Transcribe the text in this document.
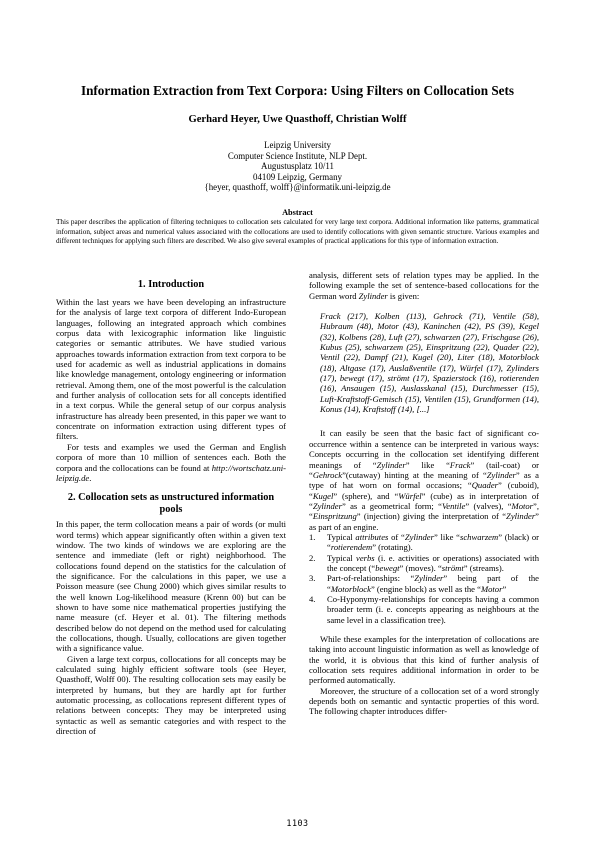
Information Extraction from Text Corpora: Using Filters on Collocation Sets
Gerhard Heyer, Uwe Quasthoff, Christian Wolff
Leipzig University
Computer Science Institute, NLP Dept.
Augustusplatz 10/11
04109 Leipzig, Germany
{heyer, quasthoff, wolff}@informatik.uni-leipzig.de
Abstract

This paper describes the application of filtering techniques to collocation sets calculated for very large text corpora. Additional information like patterns, grammatical information, subject areas and numerical values associated with the collocations are used to identify collocations with given semantic structure. Various examples and different techniques for applying such filters are described. We also give several examples of practical applications for this type of information extraction.

1. Introduction

Within the last years we have been developing an infrastructure for the analysis of large text corpora of different Indo-European languages, following an integrated approach which combines corpus data with lexicographic information like linguistic categories or semantic attributes. We have studied various approaches towards information extraction from text corpora to be used for academic as well as industrial applications in domains like knowledge management, ontology engineering or information retrieval. Among them, one of the most powerful is the calculation and further analysis of collocation sets for all concepts identified in a text corpus. While the general setup of our corpus analysis infrastructure has already been presented, in this paper we want to concentrate on information extraction using different types of filters.

For tests and examples we used the German and English corpora of more than 10 million of sentences each. Both the corpora and the collocations can be found at http://wortschatz.uni-leipzig.de.

2. Collocation sets as unstructured information pools

In this paper, the term collocation means a pair of words (or multi word terms) which appear significantly often within a given text window. The two kinds of windows we are exploring are the sentence and immediate (left or right) neighborhood. The collocations found depend on the statistics for the calculation of the significance. For the calculations in this paper, we use a Poisson measure (see Chung 2000) which gives similar results to the well known Log-likelihood measure (Krenn 00) but can be shown to have some nice mathematical properties justifying the name measure (cf. Heyer et al. 01). The filtering methods described below do not depend on the method used for calculating the collocations, though. Usually, collocations are given together with a significance value.

Given a large text corpus, collocations for all concepts may be calculated suing highly efficient software tools (see Heyer, Quasthoff, Wolff 00). The resulting collocation sets may easily be interpreted by humans, but they are hardly apt for further automatic processing, as collocations represent different types of relations between concepts: They may be interpreted using syntactic as well as semantic categories and with respect to the direction of

analysis, different sets of relation types may be applied. In the following example the set of sentence-based collocations for the German word Zylinder is given:

Frack (217), Kolben (113), Gehrock (71), Ventile (58), Hubraum (48), Motor (43), Kaninchen (42), PS (39), Kegel (32), Kolbens (28), Luft (27), schwarzen (27), Frischgase (26), Kubus (25), schwarzem (25), Einspritzung (22), Quader (22), Ventil (22), Dampf (21), Kugel (20), Liter (18), Motorblock (18), Altgase (17), Auslaßventile (17), Würfel (17), Zylinders (17), bewegt (17), strömt (17), Spazierstock (16), rotierenden (16), Ansaugen (15), Auslasskanal (15), Durchmesser (15), Luft-Kraftstoff-Gemisch (15), Ventilen (15), Grundformen (14), Konus (14), Kraftstoff (14), [...]

It can easily be seen that the basic fact of significant co-occurrence within a sentence can be interpreted in various ways: Concepts occurring in the collocation set identifying different meanings of “Zylinder” like “Frack” (tail-coat) or “Gehrock”(cutaway) hinting at the meaning of “Zylinder” as a type of hat worn on formal occasions; “Quader” (cuboid), “Kugel” (sphere), and “Würfel” (cube) as in interpretation of “Zylinder” as a geometrical form; “Ventile” (valves), “Motor”, “Einspritzung” (injection) giving the interpretation of “Zylinder” as part of an engine.

1. Typical attributes of “Zylinder” like “schwarzem” (black) or “rotierendem” (rotating).
2. Typical verbs (i. e. activities or operations) associated with the concept (“bewegt” (moves). “strömt” (streams).
3. Part-of-relationships: “Zylinder” being part of the “Motorblock” (engine block) as well as the “Motor”
4. Co-Hyponymy-relationships for concepts having a common broader term (i. e. concepts appearing as neighbours at the same level in a classification tree).

While these examples for the interpretation of collocations are taking into account linguistic information as well as knowledge of the world, it is obvious that this kind of further analysis of collocation sets requires additional information in order to be performed automatically.

Moreover, the structure of a collocation set of a word strongly depends both on semantic and syntactic properties of this word. The following chapter introduces differ-

1103
